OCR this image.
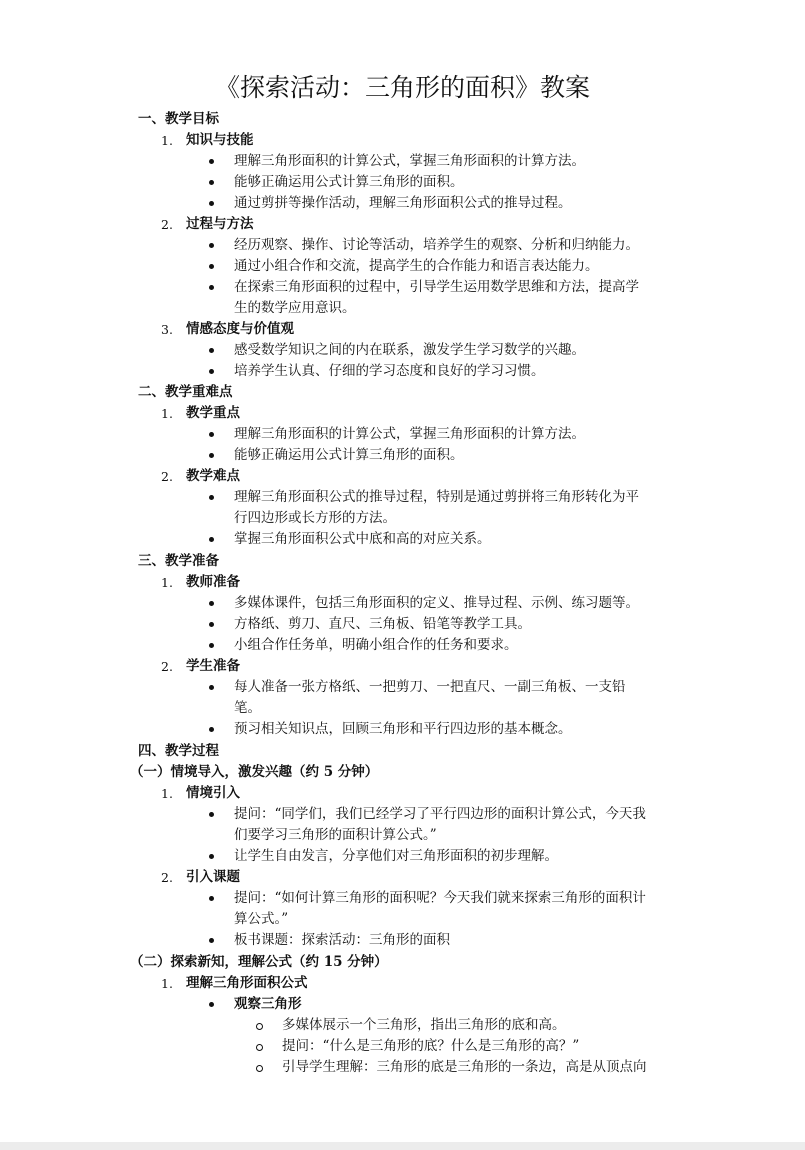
《探索活动：三角形的面积》教案
一、教学目标
1. 知识与技能
理解三角形面积的计算公式，掌握三角形面积的计算方法。
能够正确运用公式计算三角形的面积。
通过剪拼等操作活动，理解三角形面积公式的推导过程。
2. 过程与方法
经历观察、操作、讨论等活动，培养学生的观察、分析和归纳能力。
通过小组合作和交流，提高学生的合作能力和语言表达能力。
在探索三角形面积的过程中，引导学生运用数学思维和方法，提高学
生的数学应用意识。
3. 情感态度与价值观
感受数学知识之间的内在联系，激发学生学习数学的兴趣。
培养学生认真、仔细的学习态度和良好的学习习惯。
二、教学重难点
1. 教学重点
理解三角形面积的计算公式，掌握三角形面积的计算方法。
能够正确运用公式计算三角形的面积。
2. 教学难点
理解三角形面积公式的推导过程，特别是通过剪拼将三角形转化为平
行四边形或长方形的方法。
掌握三角形面积公式中底和高的对应关系。
三、教学准备
1. 教师准备
多媒体课件，包括三角形面积的定义、推导过程、示例、练习题等。
方格纸、剪刀、直尺、三角板、铅笔等教学工具。
小组合作任务单，明确小组合作的任务和要求。
2. 学生准备
每人准备一张方格纸、一把剪刀、一把直尺、一副三角板、一支铅
笔。
预习相关知识点，回顾三角形和平行四边形的基本概念。
四、教学过程
（一）情境导入，激发兴趣（约 5 分钟）
1. 情境引入
提问：“同学们，我们已经学习了平行四边形的面积计算公式，今天我
们要学习三角形的面积计算公式。”
让学生自由发言，分享他们对三角形面积的初步理解。
2. 引入课题
提问：“如何计算三角形的面积呢？今天我们就来探索三角形的面积计
算公式。”
板书课题：探索活动：三角形的面积
（二）探索新知，理解公式（约 15 分钟）
1. 理解三角形面积公式
观察三角形
多媒体展示一个三角形，指出三角形的底和高。
提问：“什么是三角形的底？什么是三角形的高？”
引导学生理解：三角形的底是三角形的一条边，高是从顶点向
